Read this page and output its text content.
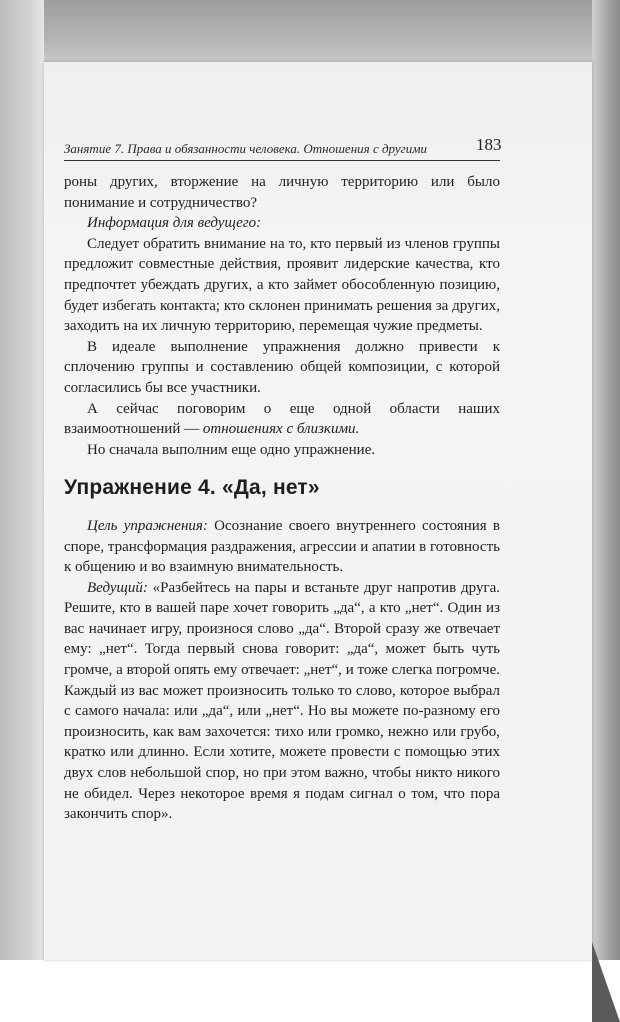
Занятие 7. Права и обязанности человека. Отношения с другими	183

роны других, вторжение на личную территорию или было понимание и сотрудничество?

Информация для ведущего:

Следует обратить внимание на то, кто первый из членов группы предложит совместные действия, проявит лидерские качества, кто предпочтет убеждать других, а кто займет обособленную позицию, будет избегать контакта; кто склонен принимать решения за других, заходить на их личную территорию, перемещая чужие предметы.

В идеале выполнение упражнения должно привести к сплочению группы и составлению общей композиции, с которой согласились бы все участники.

А сейчас поговорим о еще одной области наших взаимоотношений — отношениях с близкими.

Но сначала выполним еще одно упражнение.

Упражнение 4. «Да, нет»

Цель упражнения: Осознание своего внутреннего состояния в споре, трансформация раздражения, агрессии и апатии в готовность к общению и во взаимную внимательность.

Ведущий: «Разбейтесь на пары и встаньте друг напротив друга. Решите, кто в вашей паре хочет говорить „да“, а кто „нет“. Один из вас начинает игру, произнося слово „да“. Второй сразу же отвечает ему: „нет“. Тогда первый снова говорит: „да“, может быть чуть громче, а второй опять ему отвечает: „нет“, и тоже слегка погромче. Каждый из вас может произносить только то слово, которое выбрал с самого начала: или „да“, или „нет“. Но вы можете по-разному его произносить, как вам захочется: тихо или громко, нежно или грубо, кратко или длинно. Если хотите, можете провести с помощью этих двух слов небольшой спор, но при этом важно, чтобы никто никого не обидел. Через некоторое время я подам сигнал о том, что пора закончить спор».
